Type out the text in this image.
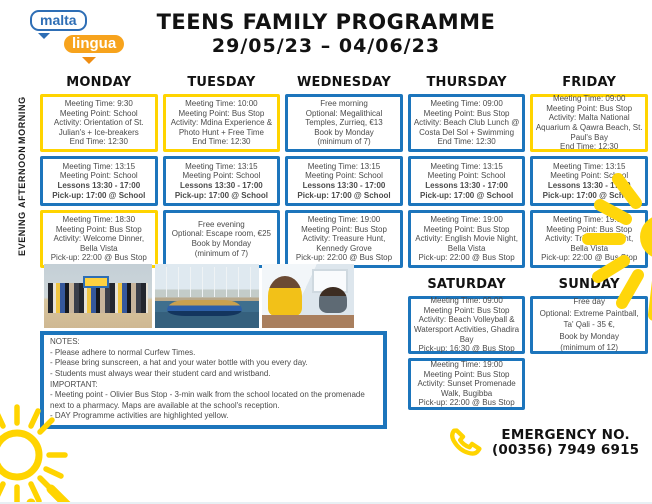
malta
lingua
TEENS FAMILY PROGRAMME
29/05/23 – 04/06/23
MORNING
AFTERNOON
EVENING
MONDAY
Meeting Time: 9:30
Meeting Point: School
Activity: Orientation of St. Julian's + Ice-breakers
End Time: 12:30
Meeting Time: 13:15
Meeting Point: School
Lessons 13:30 - 17:00
Pick-up: 17:00 @ School
Meeting Time: 18:30
Meeting Point: Bus Stop
Activity: Welcome Dinner, Bella Vista
Pick-up: 22:00 @ Bus Stop
TUESDAY
Meeting Time: 10:00
Meeting Point: Bus Stop
Activity: Mdina Experience & Photo Hunt + Free Time
End Time: 12:30
Meeting Time: 13:15
Meeting Point: School
Lessons 13:30 - 17:00
Pick-up: 17:00 @ School
Free evening
Optional: Escape room, €25
Book by Monday
(minimum of 7)
WEDNESDAY
Free morning
Optional: Megalithical Temples, Zurrieq, €13
Book by Monday
(minimum of 7)
Meeting Time: 13:15
Meeting Point: School
Lessons 13:30 - 17:00
Pick-up: 17:00 @ School
Meeting Time: 19:00
Meeting Point: Bus Stop
Activity: Treasure Hunt, Kennedy Grove
Pick-up: 22:00 @ Bus Stop
THURSDAY
Meeting Time: 09:00
Meeting Point: Bus Stop
Activity: Beach Club Lunch @ Costa Del Sol + Swimming
End Time: 12:30
Meeting Time: 13:15
Meeting Point: School
Lessons 13:30 - 17:00
Pick-up: 17:00 @ School
Meeting Time: 19:00
Meeting Point: Bus Stop
Activity: English Movie Night, Bella Vista
Pick-up: 22:00 @ Bus Stop
FRIDAY
Meeting Time: 09:00
Meeting Point: Bus Stop
Activity: Malta National Aquarium & Qawra Beach, St. Paul's Bay
End Time: 12:30
Meeting Time: 13:15
Meeting Point: School
Lessons 13:30 - 17:00
Pick-up: 17:00 @ School
Meeting Time: 19:00
Meeting Point: Bus Stop
Activity: Trivia Fun Night, Bella Vista
Pick-up: 22:00 @ Bus Stop
SATURDAY
Meeting Time: 09:00
Meeting Point: Bus Stop
Activity: Beach Volleyball & Watersport Activities, Ghadira Bay
Pick-up: 16:30 @ Bus Stop
Meeting Time: 19:00
Meeting Point: Bus Stop
Activity: Sunset Promenade Walk, Bugibba
Pick-up: 22:00 @ Bus Stop
SUNDAY
Free day
Optional: Extreme Paintball,
Ta' Qali - 35 €,
Book by Monday
(minimum of 12)
NOTES:
- Please adhere to normal Curfew Times.
- Please bring sunscreen, a hat and your water bottle with you every day.
- Students must always wear their student card and wristband.
IMPORTANT:
- Meeting point - Olivier Bus Stop - 3-min walk from the school located on the promenade next to a pharmacy. Maps are available at the school's reception.
- DAY Programme activities are highlighted yellow.
EMERGENCY NO.
(00356) 7949 6915
